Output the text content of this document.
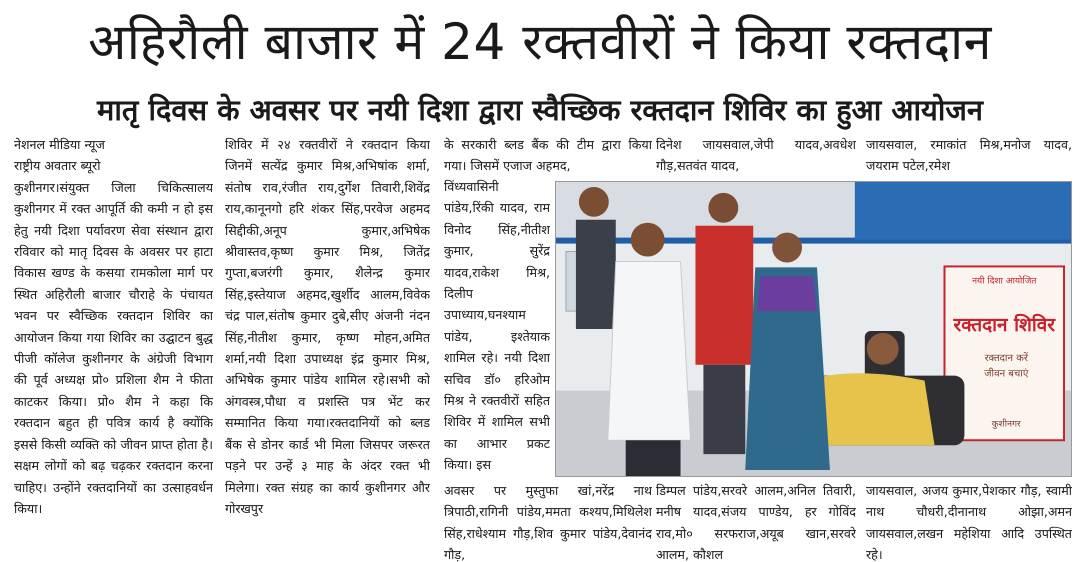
अहिरौली बाजार में 24 रक्तवीरों ने किया रक्तदान
मातृ दिवस के अवसर पर नयी दिशा द्वारा स्वैच्छिक रक्तदान शिविर का हुआ आयोजन

नेशनल मीडिया न्यूज

राष्ट्रीय अवतार ब्यूरो

कुशीनगर।संयुक्त जिला चिकित्सालय कुशीनगर में रक्त आपूर्ति की कमी न हो इस हेतु नयी दिशा पर्यावरण सेवा संस्थान द्वारा रविवार को मातृ दिवस के अवसर पर हाटा विकास खण्ड के कसया रामकोला मार्ग पर स्थित अहिरौली बाजार चौराहे के पंचायत भवन पर स्वैच्छिक रक्तदान शिविर का आयोजन किया गया शिविर का उद्घाटन बुद्ध पीजी कॉलेज कुशीनगर के अंग्रेजी विभाग की पूर्व अध्यक्ष प्रो० प्रशिला शैम ने फीता काटकर किया। प्रो० शैम ने कहा कि रक्तदान बहुत ही पवित्र कार्य है क्योंकि इससे किसी व्यक्ति को जीवन प्राप्त होता है।सक्षम लोगों को बढ़ चढ़कर रक्तदान करना चाहिए। उन्होंने रक्तदानियों का उत्साहवर्धन किया।

शिविर में २४ रक्तवीरों ने रक्तदान किया जिनमें सत्येंद्र कुमार मिश्र,अभिषांक शर्मा, संतोष राव,रंजीत राय,दुर्गेश तिवारी,शिवेंद्र राय,कानूनगो हरि शंकर सिंह,परवेज अहमद सिद्दीकी,अनूप कुमार,अभिषेक श्रीवास्तव,कृष्ण कुमार मिश्र, जितेंद्र गुप्ता,बजरंगी कुमार, शैलेन्द्र कुमार सिंह,इस्तेयाज अहमद,खुर्शीद आलम,विवेक चंद्र पाल,संतोष कुमार दुबे,सीए अंजनी नंदन सिंह,नीतीश कुमार, कृष्ण मोहन,अमित शर्मा,नयी दिशा उपाध्यक्ष इंद्र कुमार मिश्र, अभिषेक कुमार पांडेय शामिल रहे।सभी को अंगवस्त्र,पौधा व प्रशस्ति पत्र भेंट कर सम्मानित किया गया।रक्तदानियों को ब्लड बैंक से डोनर कार्ड भी मिला जिसपर जरूरत पड़ने पर उन्हें ३ माह के अंदर रक्त भी मिलेगा। रक्त संग्रह का कार्य कुशीनगर और गोरखपुर

के सरकारी ब्लड बैंक की टीम द्वारा किया गया। जिसमें एजाज अहमद,

दिनेश जायसवाल,जेपी यादव,अवधेश गौड़,सतवंत यादव,

जायसवाल, रमाकांत मिश्र,मनोज यादव, जयराम पटेल,रमेश

विंध्यवासिनी पांडेय,रिंकी यादव, राम विनोद सिंह,नीतीश कुमार, सुरेंद्र यादव,राकेश मिश्र, दिलीप उपाध्याय,घनश्याम पांडेय, इश्तेयाक शामिल रहे। नयी दिशा सचिव डॉ० हरिओम मिश्र ने रक्तवीरों सहित शिविर में शामिल सभी का आभार प्रकट किया। इस

नयी दिशा आयोजित
रक्तदान शिविर
रक्तदान करें
जीवन बचाएं
कुशीनगर

अवसर पर मुस्तुफा खां,नरेंद्र नाथ त्रिपाठी,रागिनी पांडेय,ममता कश्यप,मिथिलेश सिंह,राधेश्याम गौड़,शिव कुमार पांडेय,देवानंद गौड़,

डिम्पल पांडेय,सरवरे आलम,अनिल तिवारी, मनीष यादव,संजय पाण्डेय, हर गोविंद राव,मो० सरफराज,अयूब खान,सरवरे आलम, कौशल

जायसवाल, अजय कुमार,पेशकार गौड़, स्वामी नाथ चौधरी,दीनानाथ ओझा,अमन जायसवाल,लखन महेशिया आदि उपस्थित रहे।
